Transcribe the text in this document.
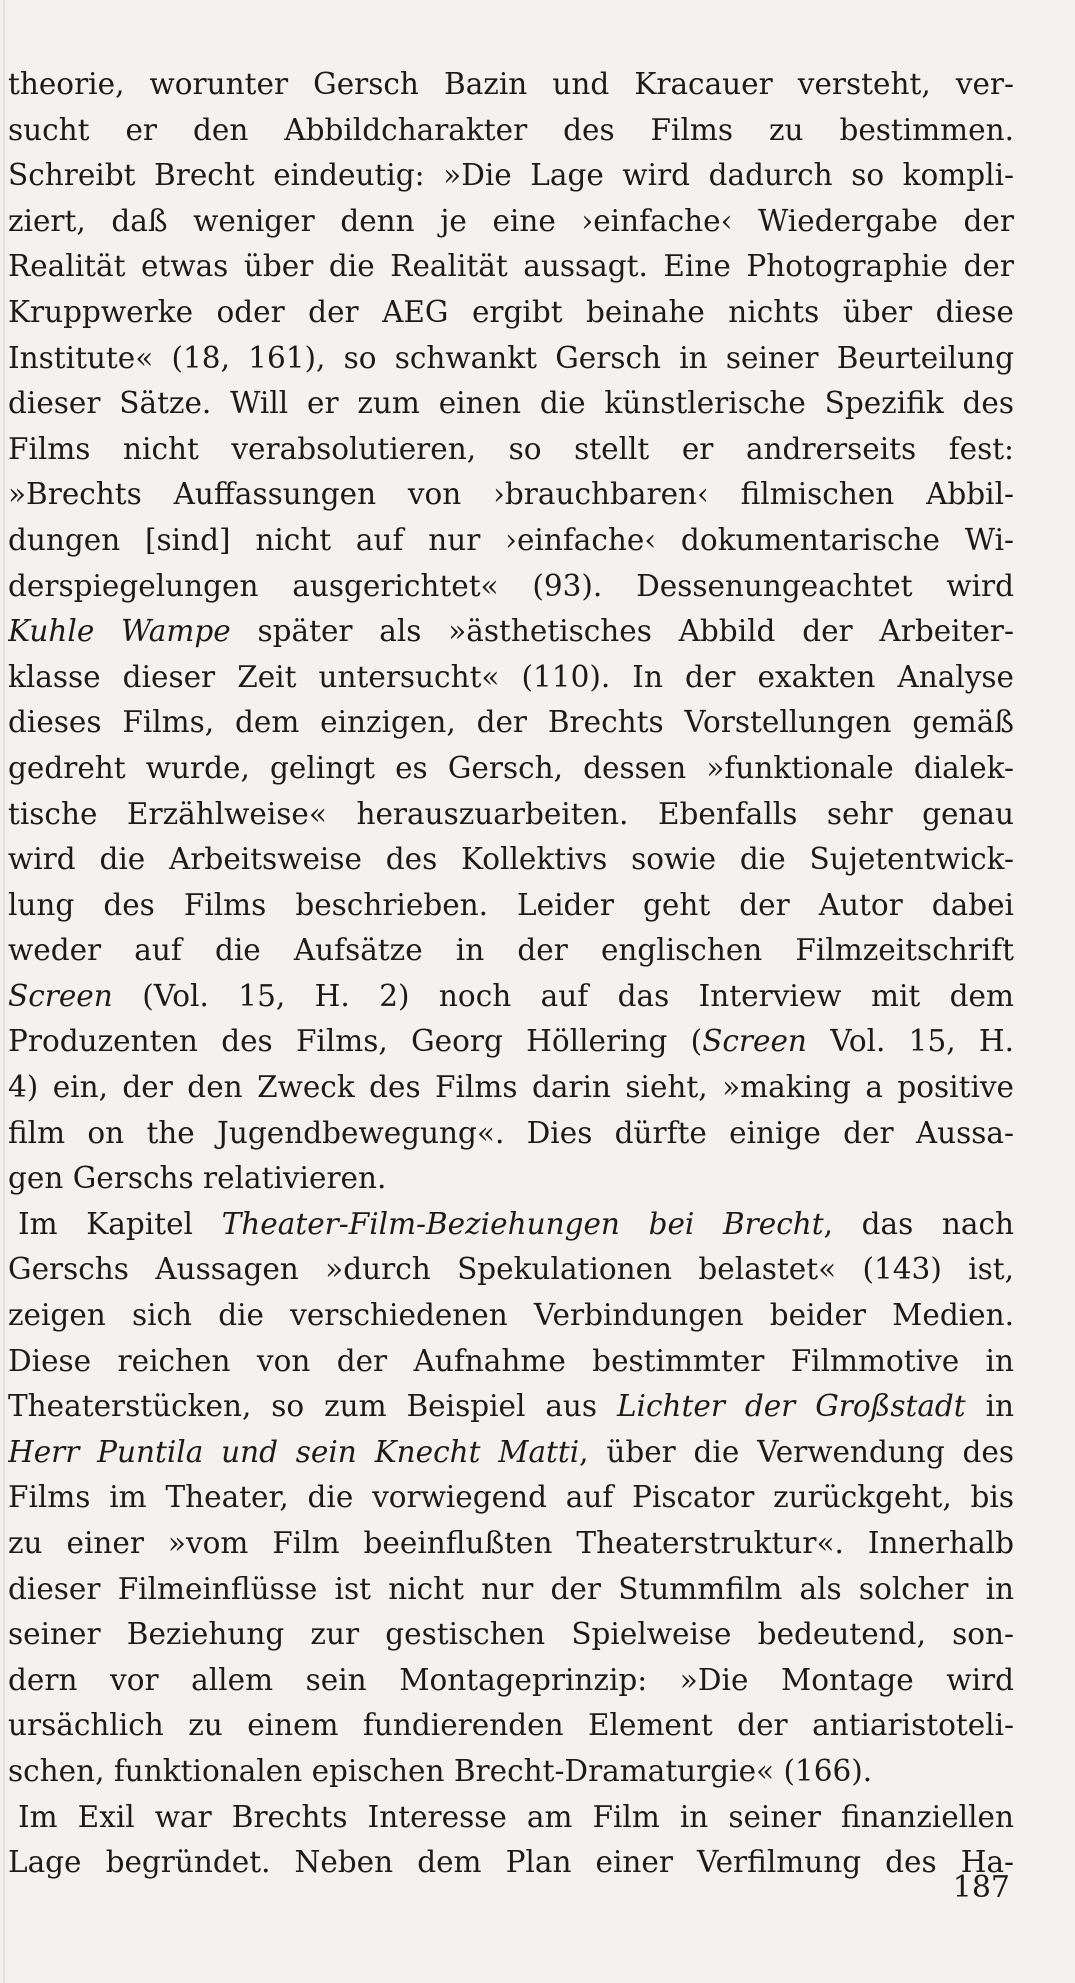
theorie, worunter Gersch Bazin und Kracauer versteht, ver-
sucht er den Abbildcharakter des Films zu bestimmen.
Schreibt Brecht eindeutig: »Die Lage wird dadurch so kompli-
ziert, daß weniger denn je eine ›einfache‹ Wiedergabe der
Realität etwas über die Realität aussagt. Eine Photographie der
Kruppwerke oder der AEG ergibt beinahe nichts über diese
Institute« (18, 161), so schwankt Gersch in seiner Beurteilung
dieser Sätze. Will er zum einen die künstlerische Spezifik des
Films nicht verabsolutieren, so stellt er andrerseits fest:
»Brechts Auffassungen von ›brauchbaren‹ filmischen Abbil-
dungen [sind] nicht auf nur ›einfache‹ dokumentarische Wi-
derspiegelungen ausgerichtet« (93). Dessenungeachtet wird
Kuhle Wampe später als »ästhetisches Abbild der Arbeiter-
klasse dieser Zeit untersucht« (110). In der exakten Analyse
dieses Films, dem einzigen, der Brechts Vorstellungen gemäß
gedreht wurde, gelingt es Gersch, dessen »funktionale dialek-
tische Erzählweise« herauszuarbeiten. Ebenfalls sehr genau
wird die Arbeitsweise des Kollektivs sowie die Sujetentwick-
lung des Films beschrieben. Leider geht der Autor dabei
weder auf die Aufsätze in der englischen Filmzeitschrift
Screen (Vol. 15, H. 2) noch auf das Interview mit dem
Produzenten des Films, Georg Höllering (Screen Vol. 15, H.
4) ein, der den Zweck des Films darin sieht, »making a positive
film on the Jugendbewegung«. Dies dürfte einige der Aussa-
gen Gerschs relativieren.
Im Kapitel Theater-Film-Beziehungen bei Brecht, das nach
Gerschs Aussagen »durch Spekulationen belastet« (143) ist,
zeigen sich die verschiedenen Verbindungen beider Medien.
Diese reichen von der Aufnahme bestimmter Filmmotive in
Theaterstücken, so zum Beispiel aus Lichter der Großstadt in
Herr Puntila und sein Knecht Matti, über die Verwendung des
Films im Theater, die vorwiegend auf Piscator zurückgeht, bis
zu einer »vom Film beeinflußten Theaterstruktur«. Innerhalb
dieser Filmeinflüsse ist nicht nur der Stummfilm als solcher in
seiner Beziehung zur gestischen Spielweise bedeutend, son-
dern vor allem sein Montageprinzip: »Die Montage wird
ursächlich zu einem fundierenden Element der antiaristoteli-
schen, funktionalen epischen Brecht-Dramaturgie« (166).
Im Exil war Brechts Interesse am Film in seiner finanziellen
Lage begründet. Neben dem Plan einer Verfilmung des Ha-
187
